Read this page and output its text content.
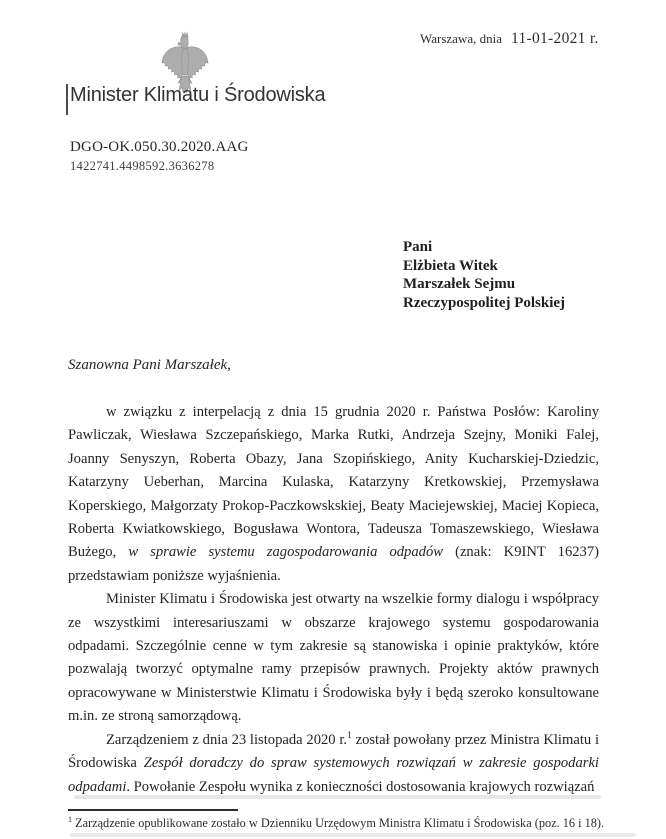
Warszawa, dnia 11-01-2021 r.
Minister Klimatu i Środowiska
DGO-OK.050.30.2020.AAG
1422741.4498592.3636278
Pani
Elżbieta Witek
Marszałek Sejmu
Rzeczypospolitej Polskiej
Szanowna Pani Marszałek,

w związku z interpelacją z dnia 15 grudnia 2020 r. Państwa Posłów: Karoliny Pawliczak, Wiesława Szczepańskiego, Marka Rutki, Andrzeja Szejny, Moniki Falej, Joanny Senyszyn, Roberta Obazy, Jana Szopińskiego, Anity Kucharskiej-Dziedzic, Katarzyny Ueberhan, Marcina Kulaska, Katarzyny Kretkowskiej, Przemysława Koperskiego, Małgorzaty Prokop-Paczkowskskiej, Beaty Maciejewskiej, Maciej Kopieca, Roberta Kwiatkowskiego, Bogusława Wontora, Tadeusza Tomaszewskiego, Wiesława Bużego, w sprawie systemu zagospodarowania odpadów (znak: K9INT 16237) przedstawiam poniższe wyjaśnienia.

Minister Klimatu i Środowiska jest otwarty na wszelkie formy dialogu i współpracy ze wszystkimi interesariuszami w obszarze krajowego systemu gospodarowania odpadami. Szczególnie cenne w tym zakresie są stanowiska i opinie praktyków, które pozwalają tworzyć optymalne ramy przepisów prawnych. Projekty aktów prawnych opracowywane w Ministerstwie Klimatu i Środowiska były i będą szeroko konsultowane m.in. ze stroną samorządową.

Zarządzeniem z dnia 23 listopada 2020 r.$^1$ został powołany przez Ministra Klimatu i Środowiska Zespół doradczy do spraw systemowych rozwiązań w zakresie gospodarki odpadami. Powołanie Zespołu wynika z konieczności dostosowania krajowych rozwiązań

$^1$ Zarządzenie opublikowane zostało w Dzienniku Urzędowym Ministra Klimatu i Środowiska (poz. 16 i 18).
